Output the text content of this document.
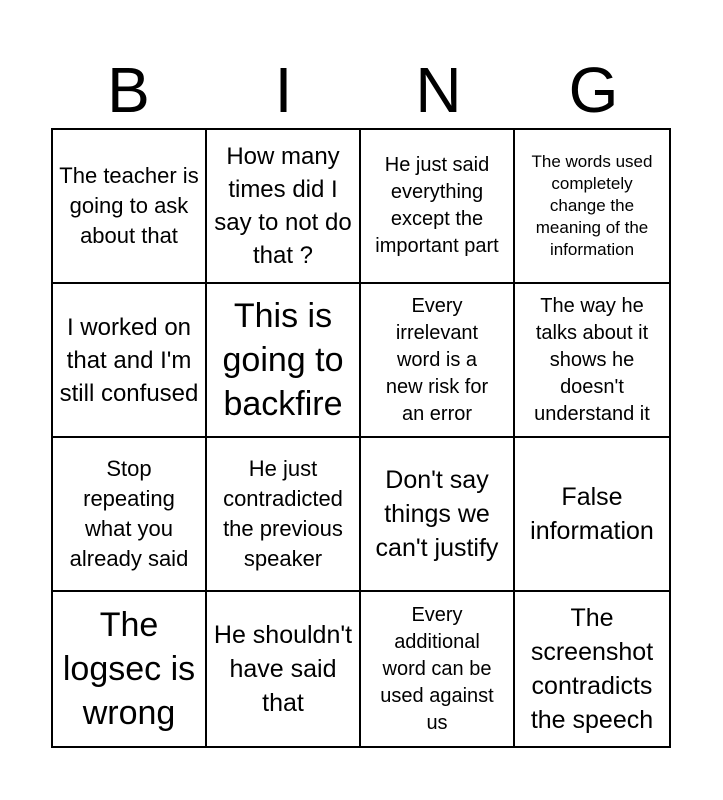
B	I	N	G
The teacher is going to ask about that
How many times did I say to not do that ?
He just said everything except the important part
The words used completely change the meaning of the information
I worked on that and I'm still confused
This is going to backfire
Every irrelevant word is a new risk for an error
The way he talks about it shows he doesn't understand it
Stop repeating what you already said
He just contradicted the previous speaker
Don't say things we can't justify
False information
The logsec is wrong
He shouldn't have said that
Every additional word can be used against us
The screenshot contradicts the speech
